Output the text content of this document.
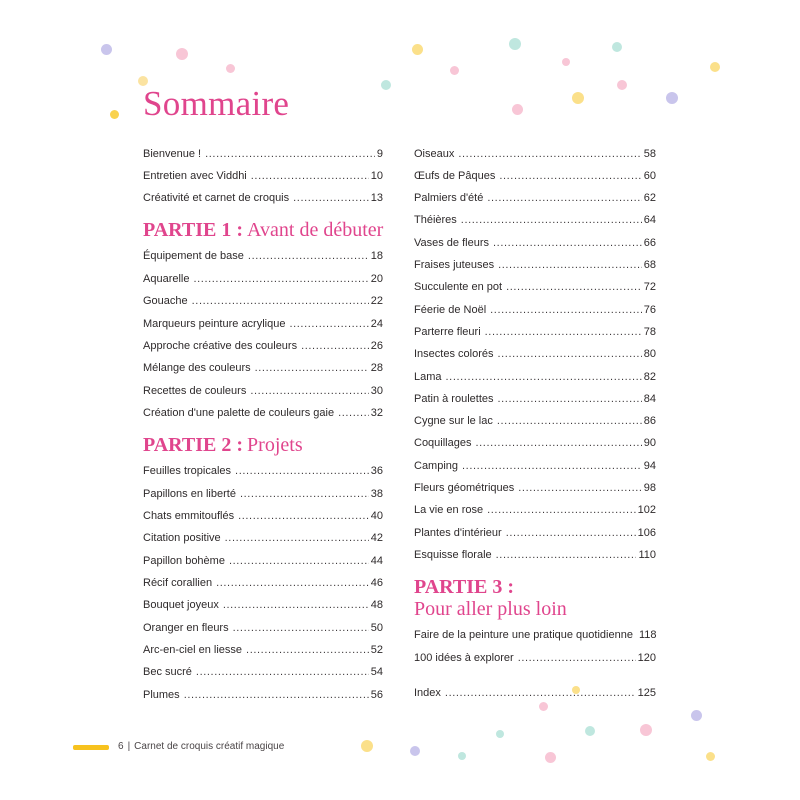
Sommaire
Bienvenue ! .....	9
Entretien avec Viddhi .....	10
Créativité et carnet de croquis .....	13
PARTIE 1 : Avant de débuter
Équipement de base .....	18
Aquarelle .....	20
Gouache .....	22
Marqueurs peinture acrylique .....	24
Approche créative des couleurs .....	26
Mélange des couleurs .....	28
Recettes de couleurs .....	30
Création d'une palette de couleurs gaie .....	32
PARTIE 2 : Projets
Feuilles tropicales .....	36
Papillons en liberté .....	38
Chats emmitouflés .....	40
Citation positive .....	42
Papillon bohème .....	44
Récif corallien .....	46
Bouquet joyeux .....	48
Oranger en fleurs .....	50
Arc-en-ciel en liesse .....	52
Bec sucré .....	54
Plumes .....	56
Oiseaux .....	58
Œufs de Pâques .....	60
Palmiers d'été .....	62
Théières .....	64
Vases de fleurs .....	66
Fraises juteuses .....	68
Succulente en pot .....	72
Féerie de Noël .....	76
Parterre fleuri .....	78
Insectes colorés .....	80
Lama .....	82
Patin à roulettes .....	84
Cygne sur le lac .....	86
Coquillages .....	90
Camping .....	94
Fleurs géométriques .....	98
La vie en rose .....	102
Plantes d'intérieur .....	106
Esquisse florale .....	110
PARTIE 3 :
Pour aller plus loin
Faire de la peinture une pratique quotidienne 118
100 idées à explorer .....	120
Index .....	125
6 | Carnet de croquis créatif magique
